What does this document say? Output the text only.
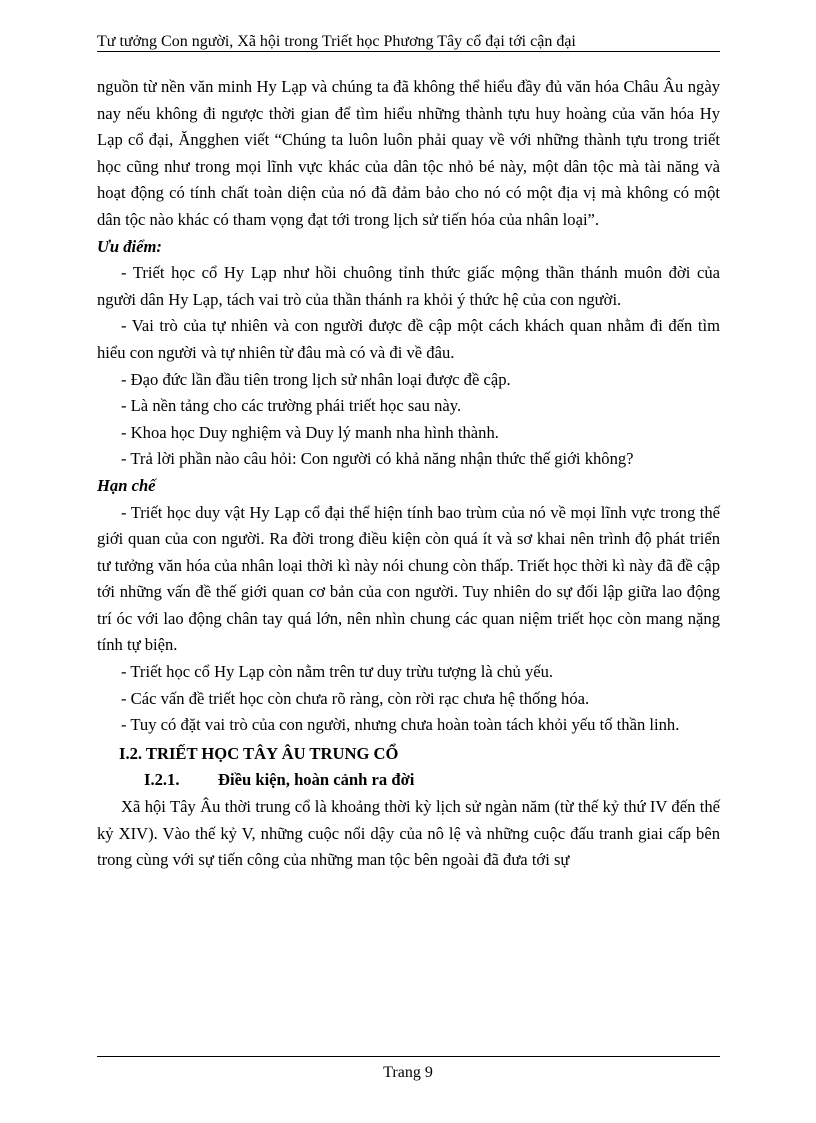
Tư tưởng Con người, Xã hội trong Triết học Phương Tây cổ đại tới cận đại

nguồn từ nền văn minh Hy Lạp và chúng ta đã không thể hiểu đầy đủ văn hóa Châu Âu ngày nay nếu không đi ngược thời gian để tìm hiểu những thành tựu huy hoàng của văn hóa Hy Lạp cổ đại, Ăngghen viết “Chúng ta luôn luôn phải quay về với những thành tựu trong triết học cũng như trong mọi lĩnh vực khác của dân tộc nhỏ bé này, một dân tộc mà tài năng và hoạt động có tính chất toàn diện của nó đã đảm bảo cho nó có một địa vị mà không có một dân tộc nào khác có tham vọng đạt tới trong lịch sử tiến hóa của nhân loại”.

Ưu điểm:

- Triết học cổ Hy Lạp như hồi chuông tỉnh thức giấc mộng thần thánh muôn đời của người dân Hy Lạp, tách vai trò của thần thánh ra khỏi ý thức hệ của con người.

- Vai trò của tự nhiên và con người được đề cập một cách khách quan nhằm đi đến tìm hiểu con người và tự nhiên từ đâu mà có và đi về đâu.

- Đạo đức lần đầu tiên trong lịch sử nhân loại được đề cập.

- Là nền tảng cho các trường phái triết học sau này.

- Khoa học Duy nghiệm và Duy lý manh nha hình thành.

- Trả lời phần nào câu hỏi: Con người có khả năng nhận thức thế giới không?

Hạn chế

- Triết học duy vật Hy Lạp cổ đại thể hiện tính bao trùm của nó về mọi lĩnh vực trong thế giới quan của con người. Ra đời trong điều kiện còn quá ít và sơ khai nên trình độ phát triển tư tưởng văn hóa của nhân loại thời kì này nói chung còn thấp. Triết học thời kì này đã đề cập tới những vấn đề thế giới quan cơ bản của con người. Tuy nhiên do sự đối lập giữa lao động trí óc với lao động chân tay quá lớn, nên nhìn chung các quan niệm triết học còn mang nặng tính tự biện.

- Triết học cổ Hy Lạp còn nằm trên tư duy trừu tượng là chủ yếu.

- Các vấn đề triết học còn chưa rõ ràng, còn rời rạc chưa hệ thống hóa.

- Tuy có đặt vai trò của con người, nhưng chưa hoàn toàn tách khỏi yếu tố thần linh.

I.2. TRIẾT HỌC TÂY ÂU TRUNG CỔ

I.2.1. Điều kiện, hoàn cảnh ra đời

Xã hội Tây Âu thời trung cổ là khoảng thời kỳ lịch sử ngàn năm (từ thế kỷ thứ IV đến thế kỷ XIV). Vào thế kỷ V, những cuộc nổi dậy của nô lệ và những cuộc đấu tranh giai cấp bên trong cùng với sự tiến công của những man tộc bên ngoài đã đưa tới sự

Trang 9
